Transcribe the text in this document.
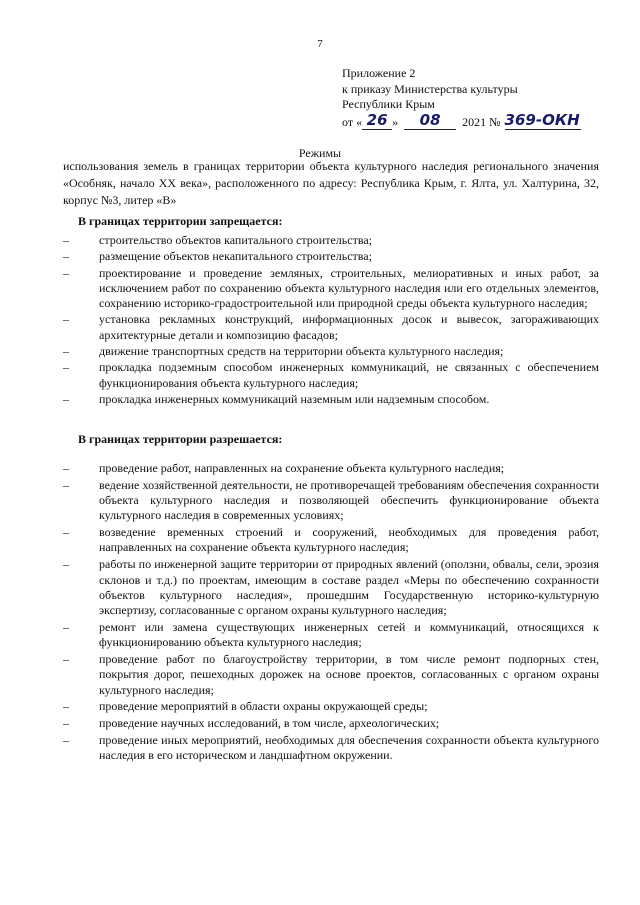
7
Приложение 2
к приказу Министерства культуры
Республики Крым
от « 26 »	08	2021 № 369-ОКН
Режимы
использования земель в границах территории объекта культурного наследия регионального значения «Особняк, начало XX века», расположенного по адресу: Республика Крым, г. Ялта, ул. Халтурина, 32, корпус №3, литер «В»
В границах территории запрещается:
–	строительство объектов капитального строительства;
–	размещение объектов некапитального строительства;
–	проектирование и проведение земляных, строительных, мелиоративных и иных работ, за исключением работ по сохранению объекта культурного наследия или его отдельных элементов, сохранению историко-градостроительной или природной среды объекта культурного наследия;
–	установка рекламных конструкций, информационных досок и вывесок, загораживающих архитектурные детали и композицию фасадов;
–	движение транспортных средств на территории объекта культурного наследия;
–	прокладка подземным способом инженерных коммуникаций, не связанных с обеспечением функционирования объекта культурного наследия;
–	прокладка инженерных коммуникаций наземным или надземным способом.
В границах территории разрешается:
–	проведение работ, направленных на сохранение объекта культурного наследия;
–	ведение хозяйственной деятельности, не противоречащей требованиям обеспечения сохранности объекта культурного наследия и позволяющей обеспечить функционирование объекта культурного наследия в современных условиях;
–	возведение временных строений и сооружений, необходимых для проведения работ, направленных на сохранение объекта культурного наследия;
–	работы по инженерной защите территории от природных явлений (оползни, обвалы, сели, эрозия склонов и т.д.) по проектам, имеющим в составе раздел «Меры по обеспечению сохранности объектов культурного наследия», прошедшим Государственную историко-культурную экспертизу, согласованные с органом охраны культурного наследия;
–	ремонт или замена существующих инженерных сетей и коммуникаций, относящихся к функционированию объекта культурного наследия;
–	проведение работ по благоустройству территории, в том числе ремонт подпорных стен, покрытия дорог, пешеходных дорожек на основе проектов, согласованных с органом охраны культурного наследия;
–	проведение мероприятий в области охраны окружающей среды;
–	проведение научных исследований, в том числе, археологических;
–	проведение иных мероприятий, необходимых для обеспечения сохранности объекта культурного наследия в его историческом и ландшафтном окружении.
